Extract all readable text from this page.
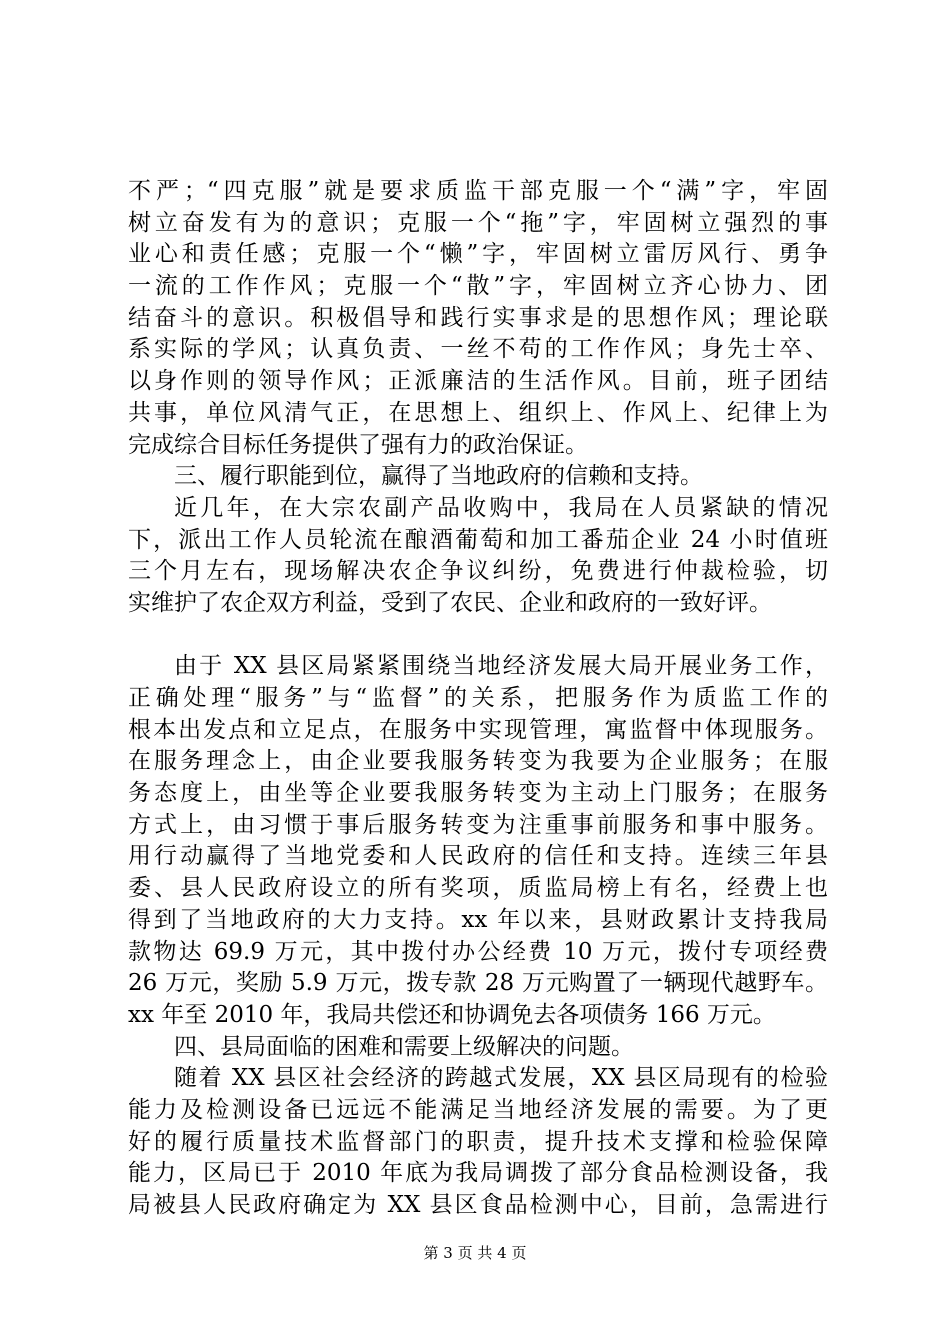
不严；“四克服”就是要求质监干部克服一个“满”字，牢固
树立奋发有为的意识；克服一个“拖”字，牢固树立强烈的事
业心和责任感；克服一个“懒”字，牢固树立雷厉风行、勇争
一流的工作作风；克服一个“散”字，牢固树立齐心协力、团
结奋斗的意识。积极倡导和践行实事求是的思想作风；理论联
系实际的学风；认真负责、一丝不苟的工作作风；身先士卒、
以身作则的领导作风；正派廉洁的生活作风。目前，班子团结
共事，单位风清气正，在思想上、组织上、作风上、纪律上为
完成综合目标任务提供了强有力的政治保证。
三、履行职能到位，赢得了当地政府的信赖和支持。
近几年，在大宗农副产品收购中，我局在人员紧缺的情况
下，派出工作人员轮流在酿酒葡萄和加工番茄企业 24 小时值班
三个月左右，现场解决农企争议纠纷，免费进行仲裁检验，切
实维护了农企双方利益，受到了农民、企业和政府的一致好评。
由于 XX 县区局紧紧围绕当地经济发展大局开展业务工作，
正确处理“服务”与“监督”的关系，把服务作为质监工作的
根本出发点和立足点，在服务中实现管理，寓监督中体现服务。
在服务理念上，由企业要我服务转变为我要为企业服务；在服
务态度上，由坐等企业要我服务转变为主动上门服务；在服务
方式上，由习惯于事后服务转变为注重事前服务和事中服务。
用行动赢得了当地党委和人民政府的信任和支持。连续三年县
委、县人民政府设立的所有奖项，质监局榜上有名，经费上也
得到了当地政府的大力支持。xx 年以来，县财政累计支持我局
款物达 69.9 万元，其中拨付办公经费 10 万元，拨付专项经费
26 万元，奖励 5.9 万元，拨专款 28 万元购置了一辆现代越野车。
xx 年至 2010 年，我局共偿还和协调免去各项债务 166 万元。
四、县局面临的困难和需要上级解决的问题。
随着 XX 县区社会经济的跨越式发展，XX 县区局现有的检验
能力及检测设备已远远不能满足当地经济发展的需要。为了更
好的履行质量技术监督部门的职责，提升技术支撑和检验保障
能力，区局已于 2010 年底为我局调拨了部分食品检测设备，我
局被县人民政府确定为 XX 县区食品检测中心，目前，急需进行
第 3 页 共 4 页
